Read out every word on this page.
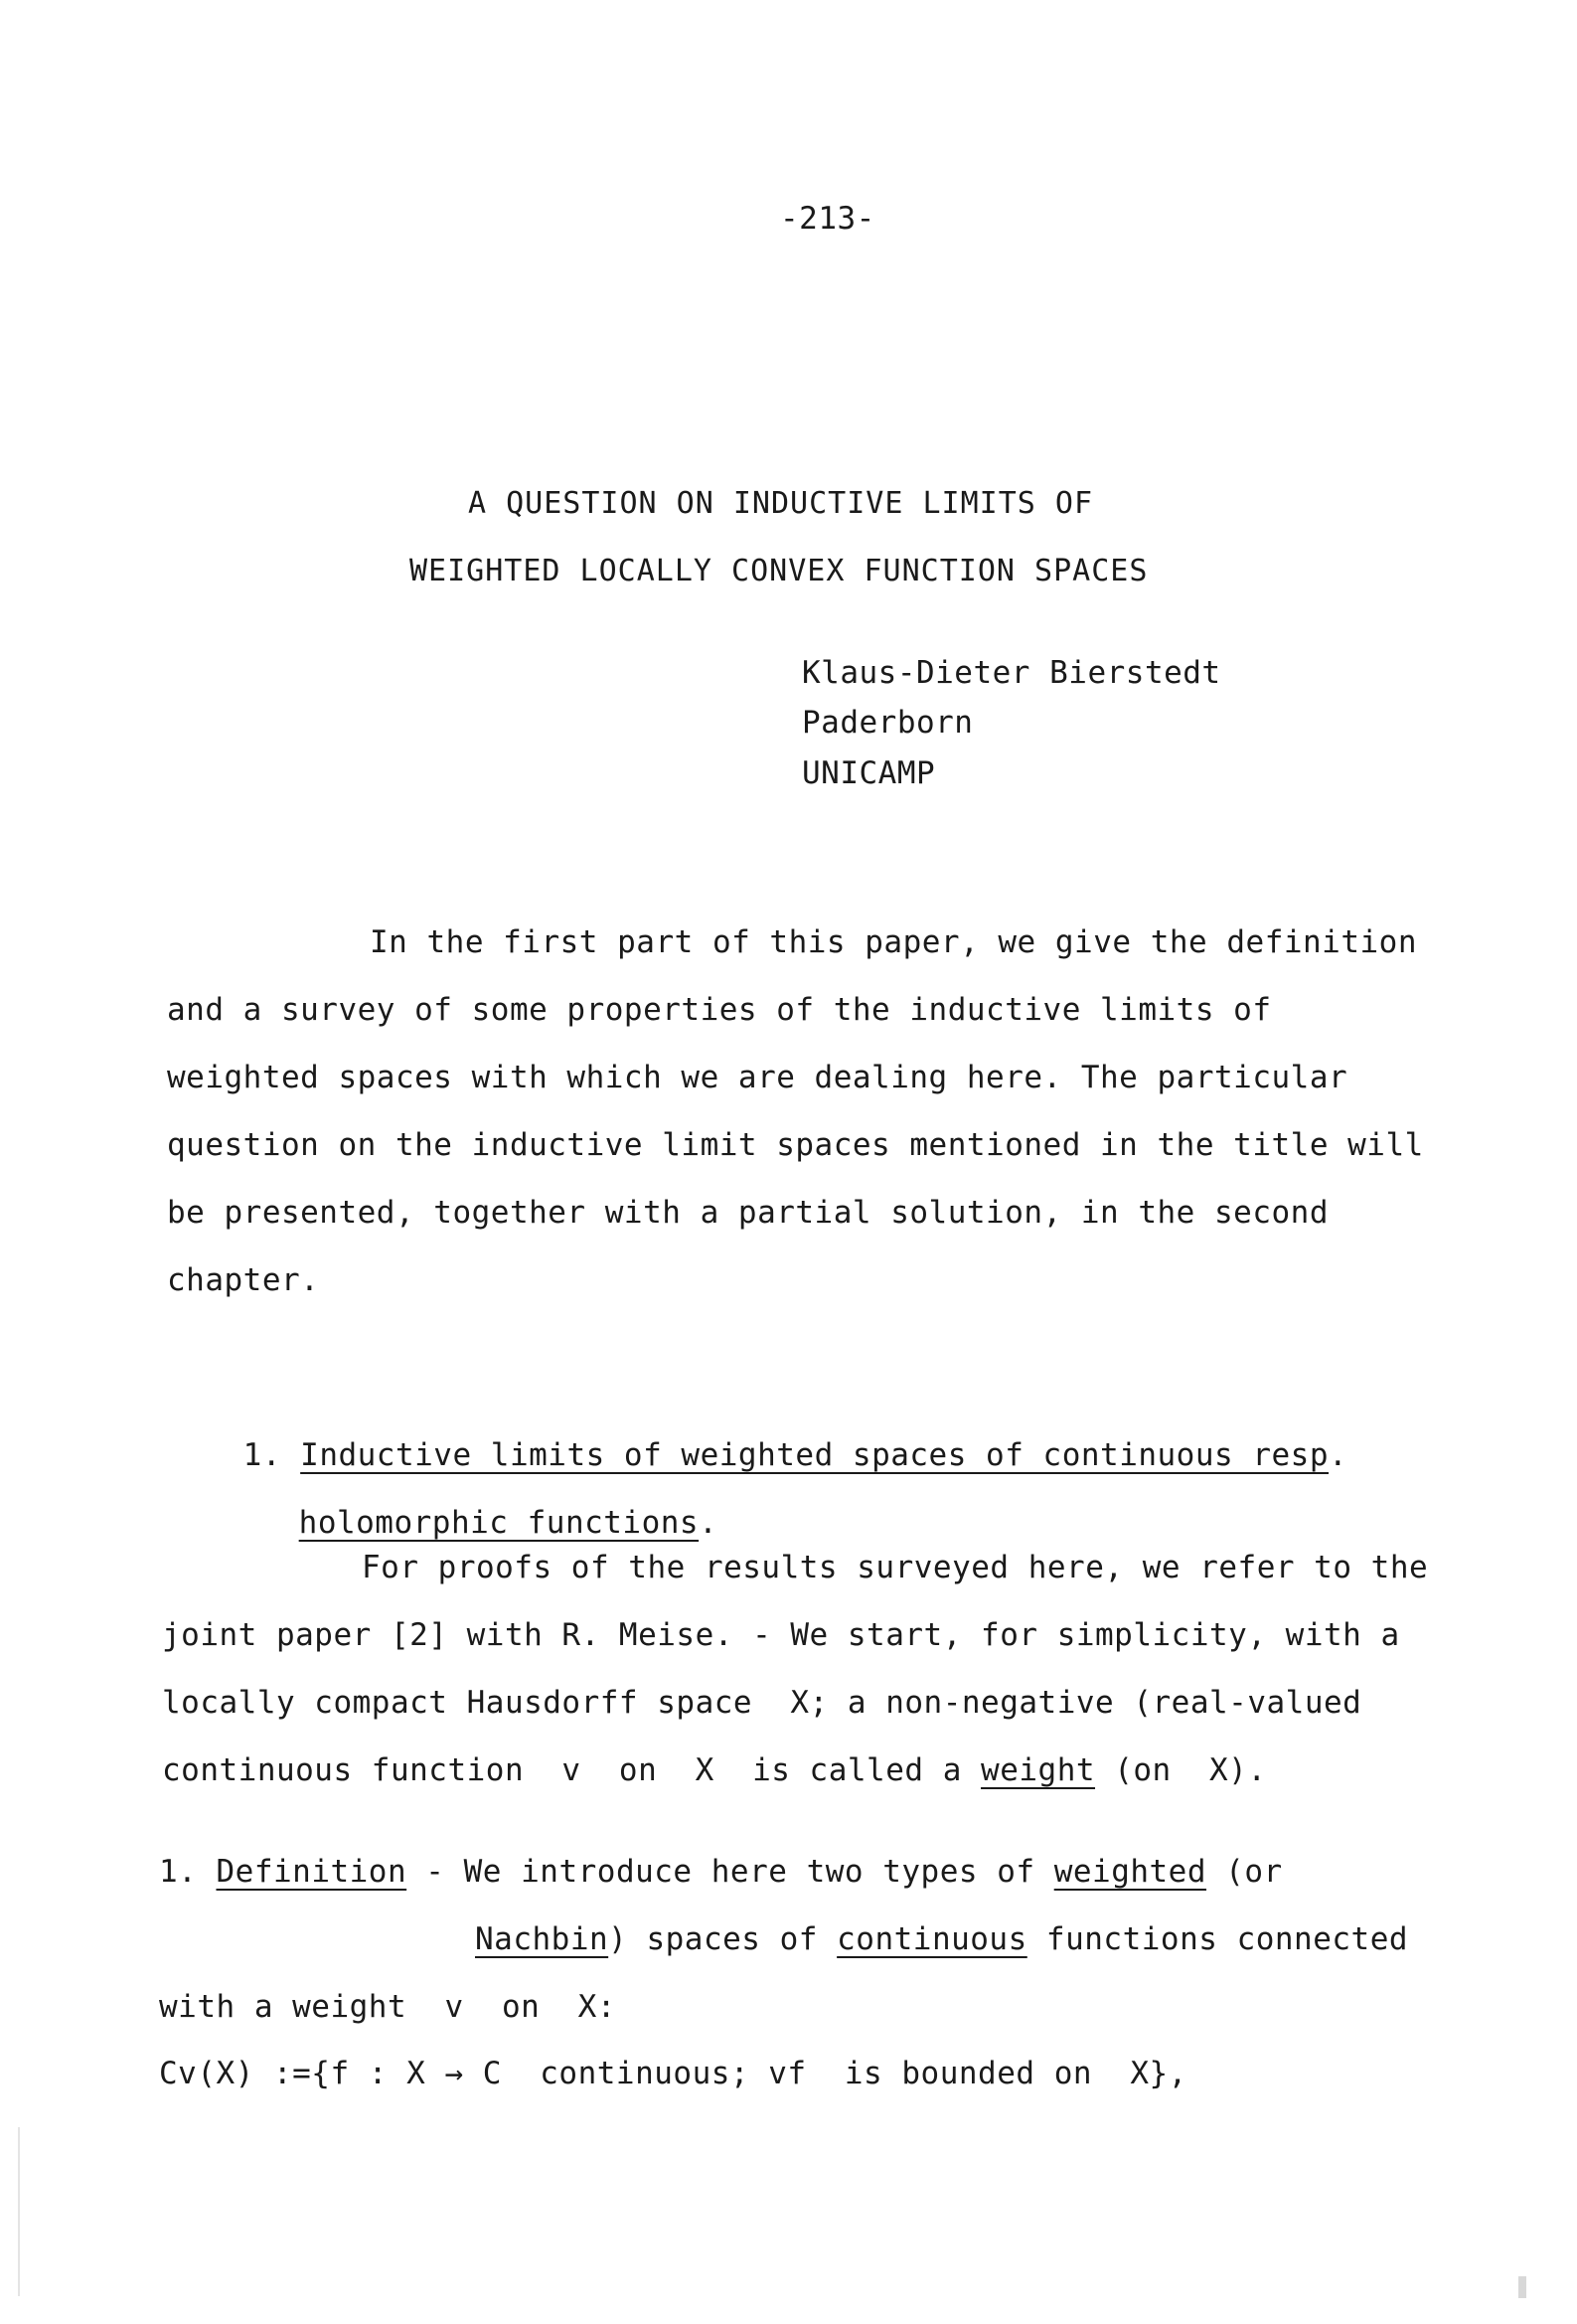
-213-
A QUESTION ON INDUCTIVE LIMITS OF
WEIGHTED LOCALLY CONVEX FUNCTION SPACES
Klaus-Dieter Bierstedt
Paderborn
UNICAMP
In the first part of this paper, we give the definition
and a survey of some properties of the inductive limits of
weighted spaces with which we are dealing here. The particular
question on the inductive limit spaces mentioned in the title will
be presented, together with a partial solution, in the second
chapter.

1. Inductive limits of weighted spaces of continuous resp.

holomorphic functions.

For proofs of the results surveyed here, we refer to the
joint paper [2] with R. Meise. - We start, for simplicity, with a
locally compact Hausdorff space  X; a non-negative (real-valued
continuous function  v  on  X  is called a weight (on  X).
1. Definition - We introduce here two types of weighted (or
Nachbin) spaces of continuous functions connected
with a weight  v  on  X:
Cv(X) :={f : X → C  continuous; vf  is bounded on  X},
